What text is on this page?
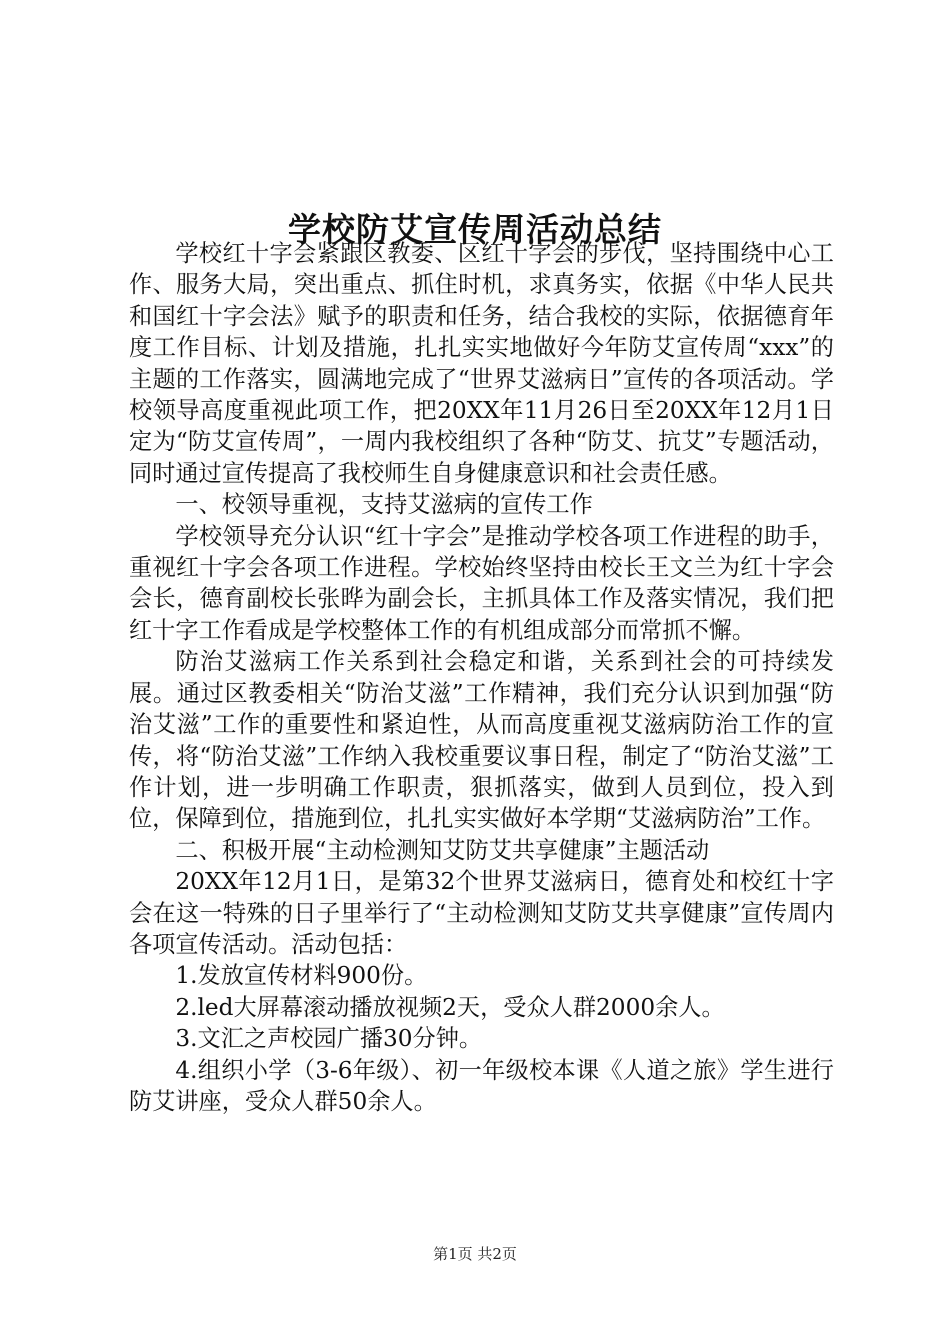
学校防艾宣传周活动总结

学校红十字会紧跟区教委、区红十字会的步伐，坚持围绕中心工作、服务大局，突出重点、抓住时机，求真务实，依据《中华人民共和国红十字会法》赋予的职责和任务，结合我校的实际，依据德育年度工作目标、计划及措施，扎扎实实地做好今年防艾宣传周“xxx”的主题的工作落实，圆满地完成了“世界艾滋病日”宣传的各项活动。学校领导高度重视此项工作，把20XX年11月26日至20XX年12月1日定为“防艾宣传周”，一周内我校组织了各种“防艾、抗艾”专题活动，同时通过宣传提高了我校师生自身健康意识和社会责任感。

一、校领导重视，支持艾滋病的宣传工作

学校领导充分认识“红十字会”是推动学校各项工作进程的助手，重视红十字会各项工作进程。学校始终坚持由校长王文兰为红十字会会长，德育副校长张晔为副会长，主抓具体工作及落实情况，我们把红十字工作看成是学校整体工作的有机组成部分而常抓不懈。

防治艾滋病工作关系到社会稳定和谐，关系到社会的可持续发展。通过区教委相关“防治艾滋”工作精神，我们充分认识到加强“防治艾滋”工作的重要性和紧迫性，从而高度重视艾滋病防治工作的宣传，将“防治艾滋”工作纳入我校重要议事日程，制定了“防治艾滋”工作计划，进一步明确工作职责，狠抓落实，做到人员到位，投入到位，保障到位，措施到位，扎扎实实做好本学期“艾滋病防治”工作。

二、积极开展“主动检测知艾防艾共享健康”主题活动

20XX年12月1日，是第32个世界艾滋病日，德育处和校红十字会在这一特殊的日子里举行了“主动检测知艾防艾共享健康”宣传周内各项宣传活动。活动包括：

1.发放宣传材料900份。

2.led大屏幕滚动播放视频2天，受众人群2000余人。

3.文汇之声校园广播30分钟。

4.组织小学（3-6年级）、初一年级校本课《人道之旅》学生进行防艾讲座，受众人群50余人。

第1页 共2页
